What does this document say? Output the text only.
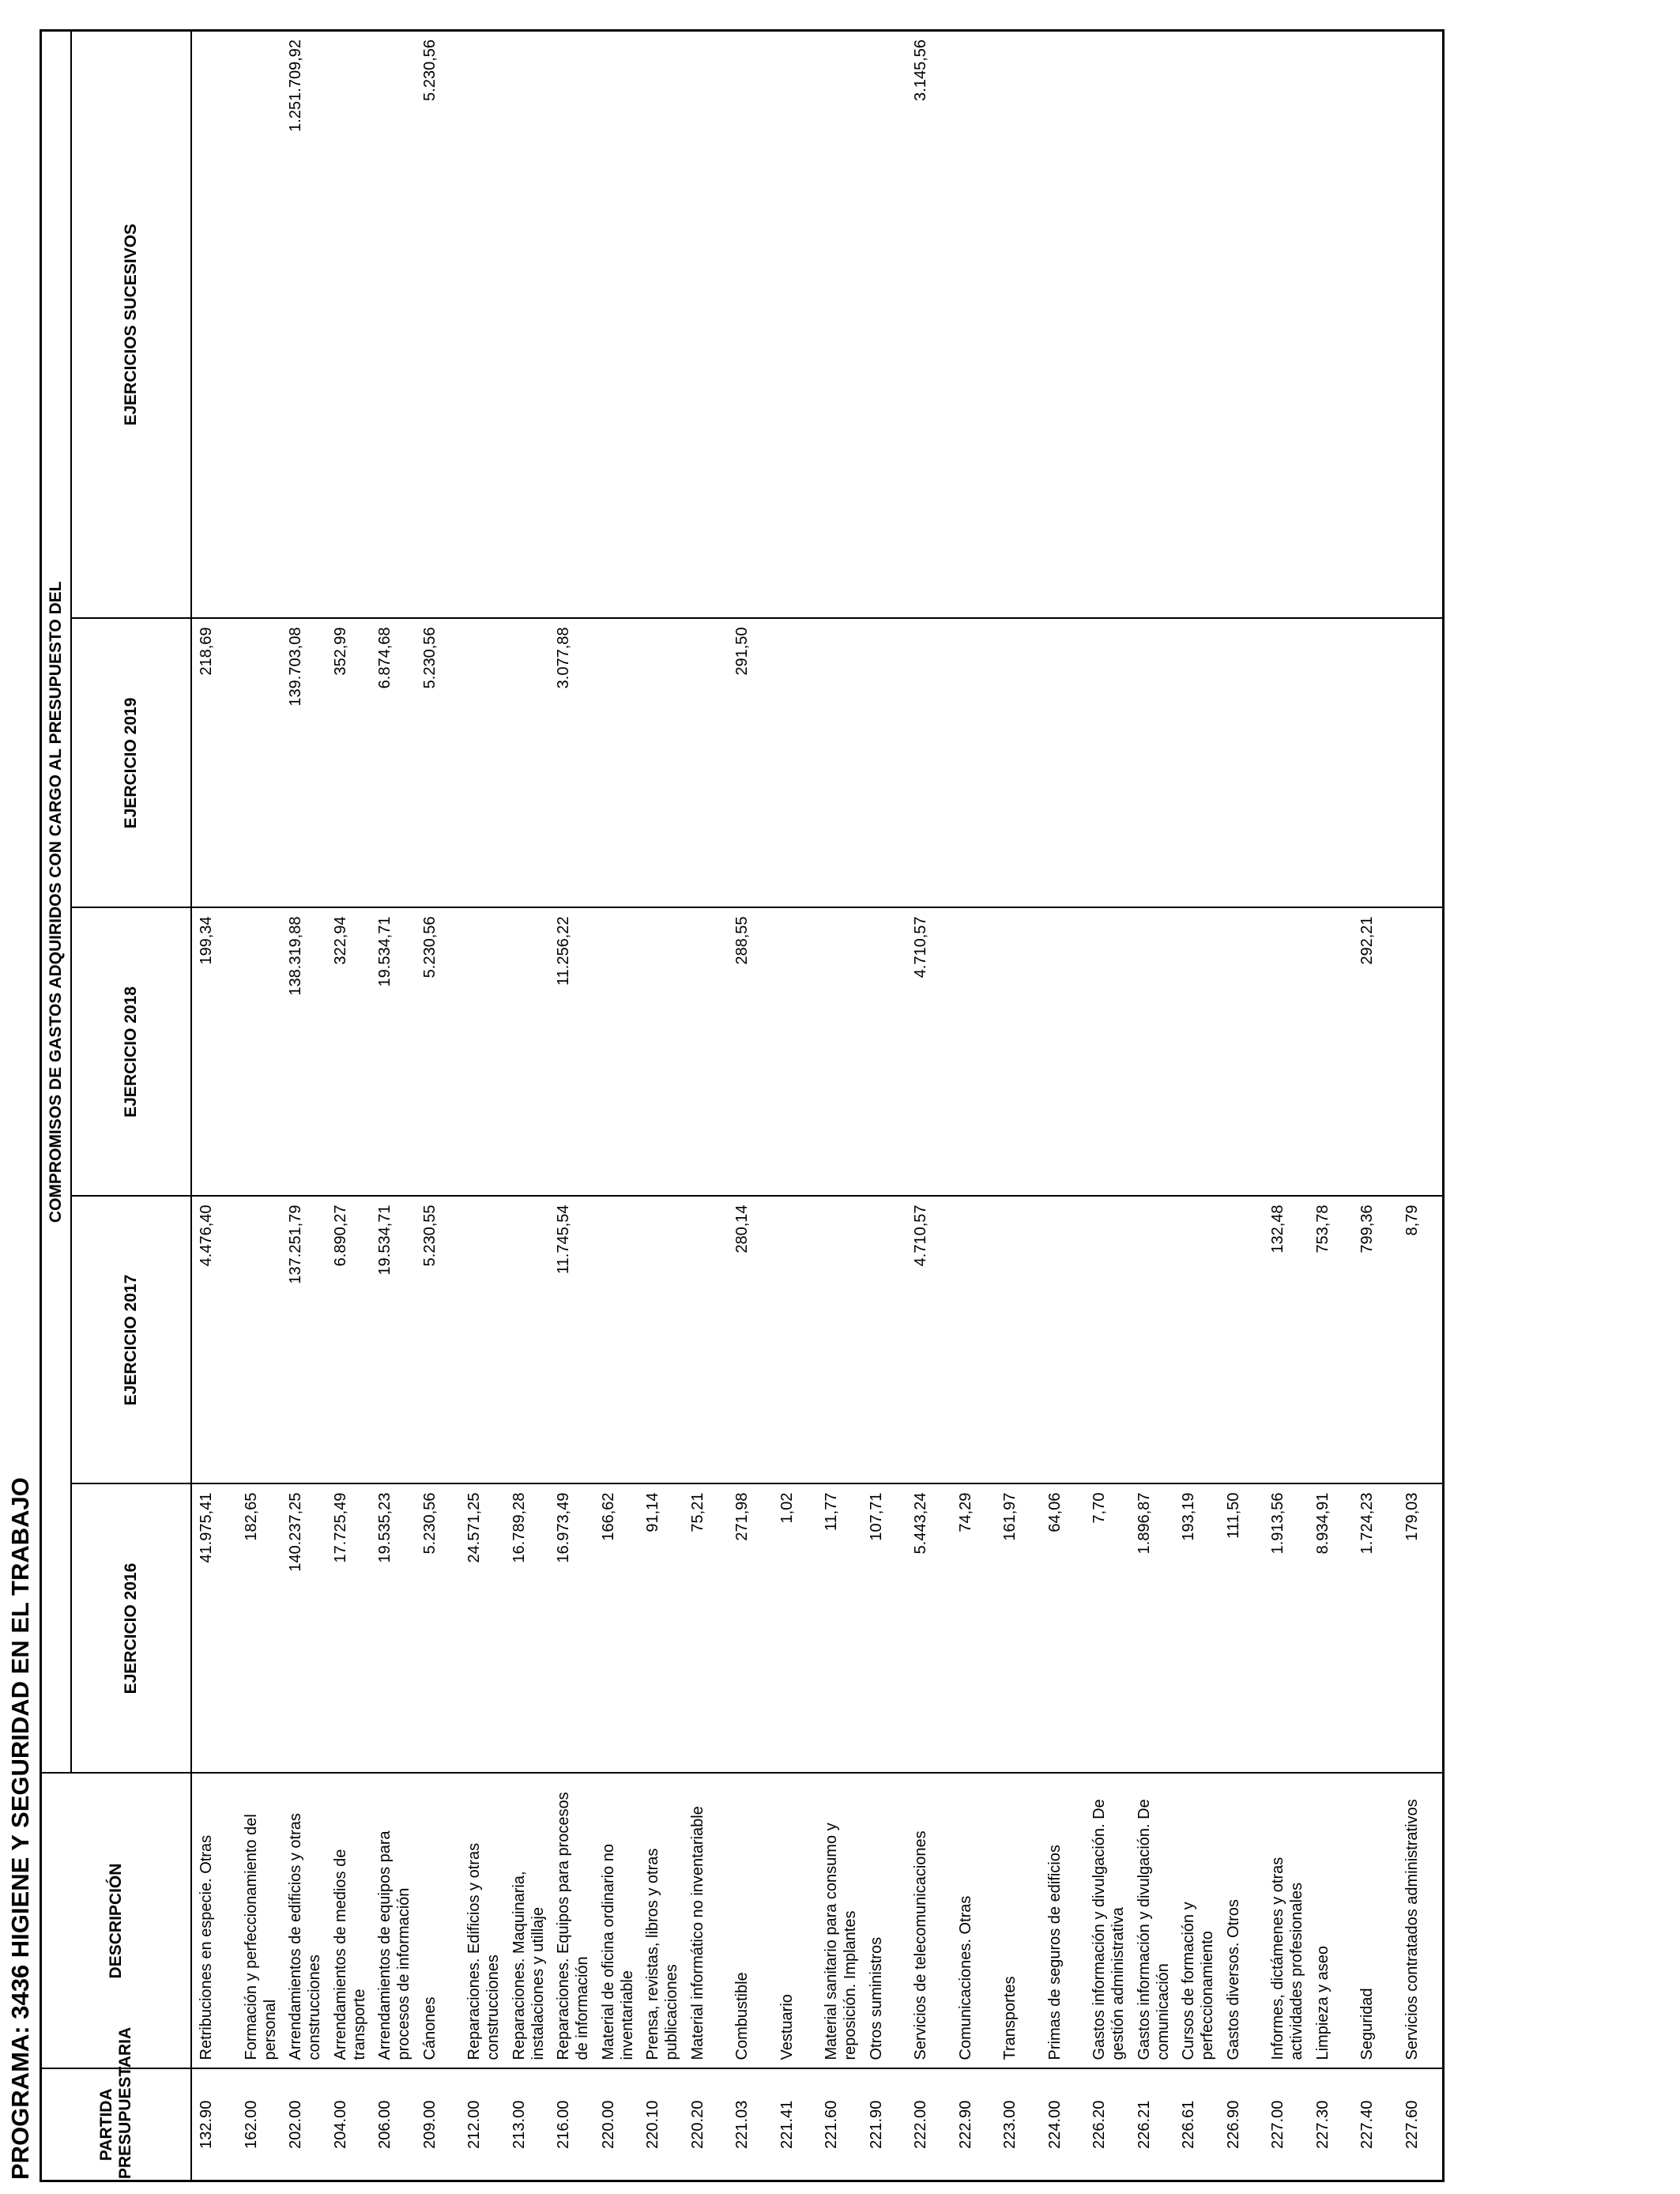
PROGRAMA: 3436 HIGIENE Y SEGURIDAD EN EL TRABAJO	PARTIDA PRESUPUESTARIA	DESCRIPCIÓN	COMPROMISOS DE GASTOS ADQUIRIDOS CON CARGO AL PRESUPUESTO DEL				
		EJERCICIO 2016	EJERCICIO 2017	EJERCICIO 2018	EJERCICIO 2019	EJERCICIOS SUCESIVOS
132.90	Retribuciones en especie. Otras	41.975,41	4.476,40	199,34	218,69	
162.00	Formación y perfeccionamiento del personal	182,65				
202.00	Arrendamientos de edificios y otras construcciones	140.237,25	137.251,79	138.319,88	139.703,08	1.251.709,92
204.00	Arrendamientos de medios de transporte	17.725,49	6.890,27	322,94	352,99	
206.00	Arrendamientos de equipos para procesos de información	19.535,23	19.534,71	19.534,71	6.874,68	
209.00	Cánones	5.230,56	5.230,55	5.230,56	5.230,56	5.230,56
212.00	Reparaciones. Edificios y otras construcciones	24.571,25				
213.00	Reparaciones. Maquinaria, instalaciones y utillaje	16.789,28				
216.00	Reparaciones. Equipos para procesos de información	16.973,49	11.745,54	11.256,22	3.077,88	
220.00	Material de oficina ordinario no inventariable	166,62				
220.10	Prensa, revistas, libros y otras publicaciones	91,14				
220.20	Material informático no inventariable	75,21				
221.03	Combustible	271,98	280,14	288,55	291,50	
221.41	Vestuario	1,02				
221.60	Material sanitario para consumo y reposición. Implantes	11,77				
221.90	Otros suministros	107,71				
222.00	Servicios de telecomunicaciones	5.443,24	4.710,57	4.710,57		3.145,56
222.90	Comunicaciones. Otras	74,29				
223.00	Transportes	161,97				
224.00	Primas de seguros de edificios	64,06				
226.20	Gastos información y divulgación. De gestión administrativa	7,70				
226.21	Gastos información y divulgación. De comunicación	1.896,87				
226.61	Cursos de formación y perfeccionamiento	193,19				
226.90	Gastos diversos. Otros	111,50				
227.00	Informes, dictámenes y otras actividades profesionales	1.913,56	132,48			
227.30	Limpieza y aseo	8.934,91	753,78			
227.40	Seguridad	1.724,23	799,36	292,21		
227.60	Servicios contratados administrativos	179,03	8,79			
